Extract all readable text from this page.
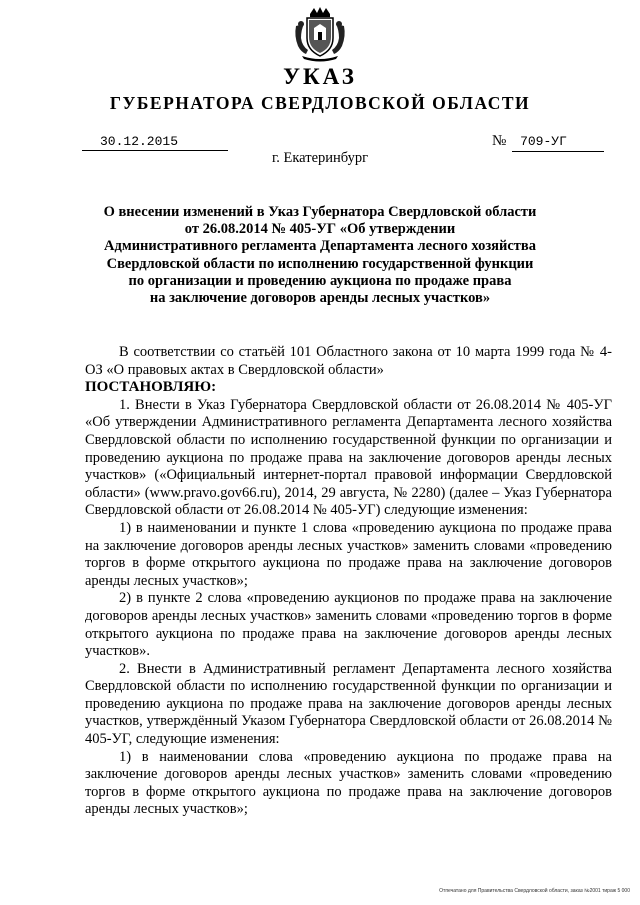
УКАЗ
ГУБЕРНАТОРА СВЕРДЛОВСКОЙ ОБЛАСТИ
30.12.2015	№ 709-УГ
г. Екатеринбург
О внесении изменений в Указ Губернатора Свердловской области
от 26.08.2014 № 405-УГ «Об утверждении
Административного регламента Департамента лесного хозяйства
Свердловской области по исполнению государственной функции
по организации и проведению аукциона по продаже права
на заключение договоров аренды лесных участков»

В соответствии со статьёй 101 Областного закона от 10 марта 1999 года № 4-ОЗ «О правовых актах в Свердловской области»

ПОСТАНОВЛЯЮ:

1. Внести в Указ Губернатора Свердловской области от 26.08.2014 № 405-УГ «Об утверждении Административного регламента Департамента лесного хозяйства Свердловской области по исполнению государственной функции по организации и проведению аукциона по продаже права на заключение договоров аренды лесных участков» («Официальный интернет-портал правовой информации Свердловской области» (www.pravo.gov66.ru), 2014, 29 августа, № 2280) (далее – Указ Губернатора Свердловской области от 26.08.2014 № 405-УГ) следующие изменения:

1) в наименовании и пункте 1 слова «проведению аукциона по продаже права на заключение договоров аренды лесных участков» заменить словами «проведению торгов в форме открытого аукциона по продаже права на заключение договоров аренды лесных участков»;

2) в пункте 2 слова «проведению аукционов по продаже права на заключение договоров аренды лесных участков» заменить словами «проведению торгов в форме открытого аукциона по продаже права на заключение договоров аренды лесных участков».

2. Внести в Административный регламент Департамента лесного хозяйства Свердловской области по исполнению государственной функции по организации и проведению аукциона по продаже права на заключение договоров аренды лесных участков, утверждённый Указом Губернатора Свердловской области от 26.08.2014 № 405-УГ, следующие изменения:

1) в наименовании слова «проведению аукциона по продаже права на заключение договоров аренды лесных участков» заменить словами «проведению торгов в форме открытого аукциона по продаже права на заключение договоров аренды лесных участков»;

Отпечатано для Правительства Свердловской области, заказ №2001 тираж 5 000
